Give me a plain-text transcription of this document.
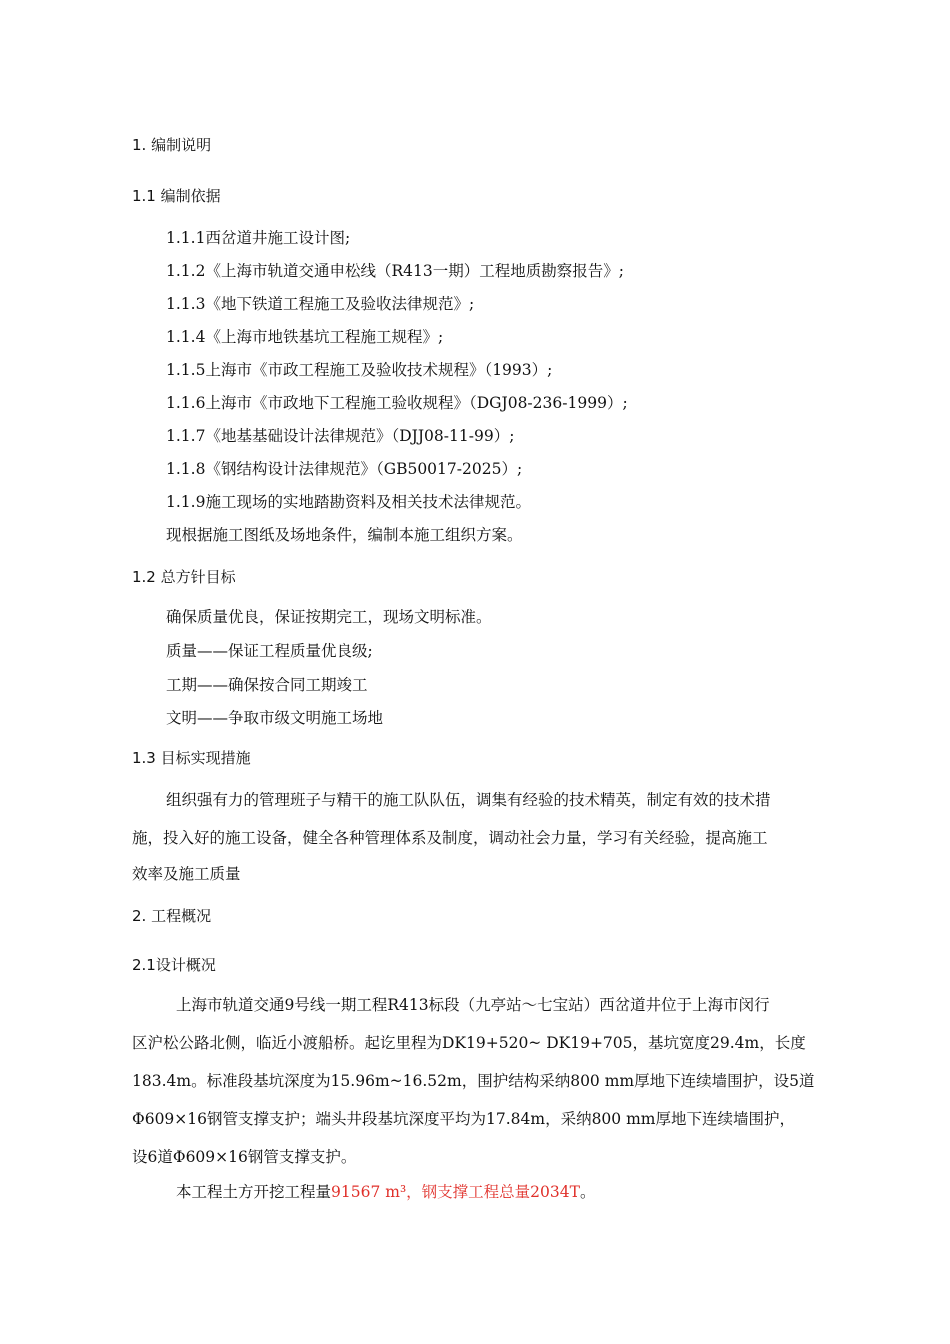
1. 编制说明
1.1 编制依据
1.1.1西岔道井施工设计图;
1.1.2《上海市轨道交通申松线（R413一期）工程地质勘察报告》;
1.1.3《地下铁道工程施工及验收法律规范》;
1.1.4《上海市地铁基坑工程施工规程》;
1.1.5上海市《市政工程施工及验收技术规程》（1993）;
1.1.6上海市《市政地下工程施工验收规程》（DGJ08-236-1999）;
1.1.7《地基基础设计法律规范》（DJJ08-11-99）;
1.1.8《钢结构设计法律规范》（GB50017-2025）;
1.1.9施工现场的实地踏勘资料及相关技术法律规范。
现根据施工图纸及场地条件，编制本施工组织方案。
1.2 总方针目标
确保质量优良，保证按期完工，现场文明标准。
质量——保证工程质量优良级;
工期——确保按合同工期竣工
文明——争取市级文明施工场地
1.3 目标实现措施
组织强有力的管理班子与精干的施工队队伍，调集有经验的技术精英，制定有效的技术措
施，投入好的施工设备，健全各种管理体系及制度，调动社会力量，学习有关经验，提高施工
效率及施工质量
2. 工程概况
2.1设计概况
上海市轨道交通9号线一期工程R413标段（九亭站～七宝站）西岔道井位于上海市闵行
区沪松公路北侧，临近小渡船桥。起讫里程为DK19+520~ DK19+705，基坑宽度29.4m，长度
183.4m。标准段基坑深度为15.96m~16.52m，围护结构采纳800 mm厚地下连续墙围护，设5道
Φ609×16钢管支撑支护；端头井段基坑深度平均为17.84m，采纳800 mm厚地下连续墙围护，
设6道Φ609×16钢管支撑支护。
本工程土方开挖工程量91567 m³，钢支撑工程总量2034T。
